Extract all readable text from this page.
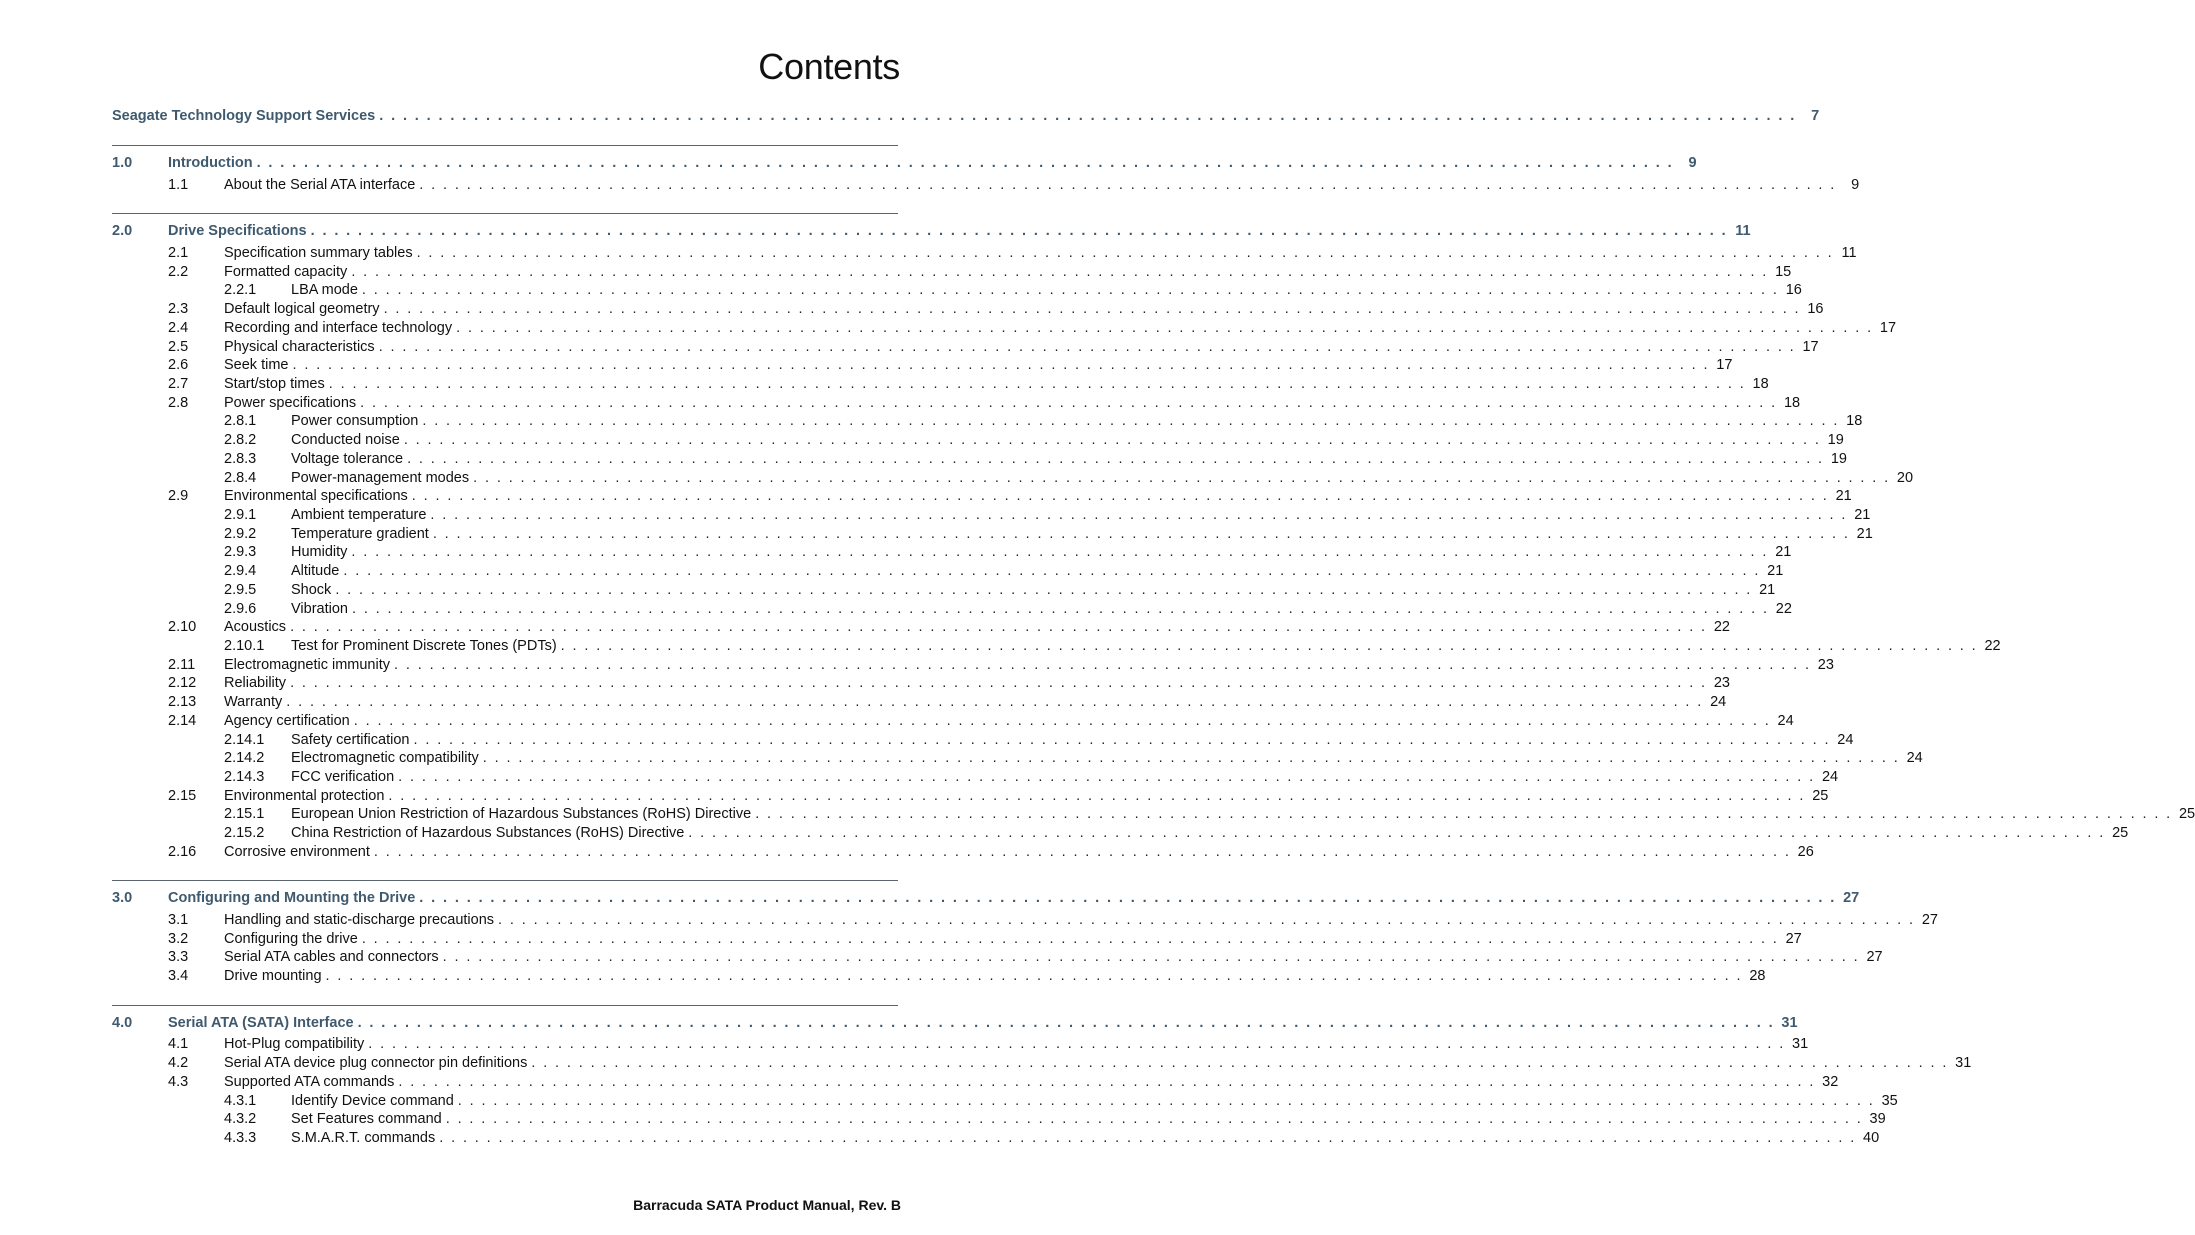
Contents
Seagate Technology Support Services . . . . . . . . . . . . . . . . . . . . . . . . . . . . . . . . . . . . . . . . . . . . . . . . . . . . . . . . . . . . . . . . . . . . . . . . . . . . . . . . . . . . . . . . . . . . . . . . . . . . . . . . . . . . . . . . . . . . . . . .	7
1.0 Introduction . . . . . . . . . . . . . . . . . . . . . . . . . . . . . . . . . . . . . . . . . . . . . . . . . . . . . . . . . . . . . . . . . . . . . . . . . . . . . . . . . . . . . . . . . . . . . . . . . . . . . . . . . . . . . . . . . . . . . . . .	9
1.1 About the Serial ATA interface . . . . . . . . . . . . . . . . . . . . . . . . . . . . . . . . . . . . . . . . . . . . . . . . . . . . . . . . . . . . . . . . . . . . . . . . . . . . . . . . . . . . . . . . . . . . . . . . . . . . . . . . . . . . . . . . . . . . . . . .	9
2.0 Drive Specifications . . . . . . . . . . . . . . . . . . . . . . . . . . . . . . . . . . . . . . . . . . . . . . . . . . . . . . . . . . . . . . . . . . . . . . . . . . . . . . . . . . . . . . . . . . . . . . . . . . . . . . . . . . . . . . . . . . . . . . . . 11
2.1 Specification summary tables . . . . . . . . . . . . . . . . . . . . . . . . . . . . . . . . . . . . . . . . . . . . . . . . . . . . . . . . . . . . . . . . . . . . . . . . . . . . . . . . . . . . . . . . . . . . . . . . . . . . . . . . . . . . . . . . . . . . . . . . 11
2.2 Formatted capacity . . . . . . . . . . . . . . . . . . . . . . . . . . . . . . . . . . . . . . . . . . . . . . . . . . . . . . . . . . . . . . . . . . . . . . . . . . . . . . . . . . . . . . . . . . . . . . . . . . . . . . . . . . . . . . . . . . . . . . . . 15
2.2.1 LBA mode . . . . . . . . . . . . . . . . . . . . . . . . . . . . . . . . . . . . . . . . . . . . . . . . . . . . . . . . . . . . . . . . . . . . . . . . . . . . . . . . . . . . . . . . . . . . . . . . . . . . . . . . . . . . . . . . . . . . . . . . 16
2.3 Default logical geometry . . . . . . . . . . . . . . . . . . . . . . . . . . . . . . . . . . . . . . . . . . . . . . . . . . . . . . . . . . . . . . . . . . . . . . . . . . . . . . . . . . . . . . . . . . . . . . . . . . . . . . . . . . . . . . . . . . . . . . . . 16
2.4 Recording and interface technology . . . . . . . . . . . . . . . . . . . . . . . . . . . . . . . . . . . . . . . . . . . . . . . . . . . . . . . . . . . . . . . . . . . . . . . . . . . . . . . . . . . . . . . . . . . . . . . . . . . . . . . . . . . . . . . . . . . . . . . . 17
2.5 Physical characteristics . . . . . . . . . . . . . . . . . . . . . . . . . . . . . . . . . . . . . . . . . . . . . . . . . . . . . . . . . . . . . . . . . . . . . . . . . . . . . . . . . . . . . . . . . . . . . . . . . . . . . . . . . . . . . . . . . . . . . . . . 17
2.6 Seek time . . . . . . . . . . . . . . . . . . . . . . . . . . . . . . . . . . . . . . . . . . . . . . . . . . . . . . . . . . . . . . . . . . . . . . . . . . . . . . . . . . . . . . . . . . . . . . . . . . . . . . . . . . . . . . . . . . . . . . . . 17
2.7 Start/stop times . . . . . . . . . . . . . . . . . . . . . . . . . . . . . . . . . . . . . . . . . . . . . . . . . . . . . . . . . . . . . . . . . . . . . . . . . . . . . . . . . . . . . . . . . . . . . . . . . . . . . . . . . . . . . . . . . . . . . . . . 18
2.8 Power specifications . . . . . . . . . . . . . . . . . . . . . . . . . . . . . . . . . . . . . . . . . . . . . . . . . . . . . . . . . . . . . . . . . . . . . . . . . . . . . . . . . . . . . . . . . . . . . . . . . . . . . . . . . . . . . . . . . . . . . . . . 18
2.8.1 Power consumption . . . . . . . . . . . . . . . . . . . . . . . . . . . . . . . . . . . . . . . . . . . . . . . . . . . . . . . . . . . . . . . . . . . . . . . . . . . . . . . . . . . . . . . . . . . . . . . . . . . . . . . . . . . . . . . . . . . . . . . . 18
2.8.2 Conducted noise . . . . . . . . . . . . . . . . . . . . . . . . . . . . . . . . . . . . . . . . . . . . . . . . . . . . . . . . . . . . . . . . . . . . . . . . . . . . . . . . . . . . . . . . . . . . . . . . . . . . . . . . . . . . . . . . . . . . . . . . 19
2.8.3 Voltage tolerance . . . . . . . . . . . . . . . . . . . . . . . . . . . . . . . . . . . . . . . . . . . . . . . . . . . . . . . . . . . . . . . . . . . . . . . . . . . . . . . . . . . . . . . . . . . . . . . . . . . . . . . . . . . . . . . . . . . . . . . . 19
2.8.4 Power-management modes . . . . . . . . . . . . . . . . . . . . . . . . . . . . . . . . . . . . . . . . . . . . . . . . . . . . . . . . . . . . . . . . . . . . . . . . . . . . . . . . . . . . . . . . . . . . . . . . . . . . . . . . . . . . . . . . . . . . . . . . 20
2.9 Environmental specifications . . . . . . . . . . . . . . . . . . . . . . . . . . . . . . . . . . . . . . . . . . . . . . . . . . . . . . . . . . . . . . . . . . . . . . . . . . . . . . . . . . . . . . . . . . . . . . . . . . . . . . . . . . . . . . . . . . . . . . . . 21
2.9.1 Ambient temperature . . . . . . . . . . . . . . . . . . . . . . . . . . . . . . . . . . . . . . . . . . . . . . . . . . . . . . . . . . . . . . . . . . . . . . . . . . . . . . . . . . . . . . . . . . . . . . . . . . . . . . . . . . . . . . . . . . . . . . . . 21
2.9.2 Temperature gradient . . . . . . . . . . . . . . . . . . . . . . . . . . . . . . . . . . . . . . . . . . . . . . . . . . . . . . . . . . . . . . . . . . . . . . . . . . . . . . . . . . . . . . . . . . . . . . . . . . . . . . . . . . . . . . . . . . . . . . . . 21
2.9.3 Humidity . . . . . . . . . . . . . . . . . . . . . . . . . . . . . . . . . . . . . . . . . . . . . . . . . . . . . . . . . . . . . . . . . . . . . . . . . . . . . . . . . . . . . . . . . . . . . . . . . . . . . . . . . . . . . . . . . . . . . . . . 21
2.9.4 Altitude . . . . . . . . . . . . . . . . . . . . . . . . . . . . . . . . . . . . . . . . . . . . . . . . . . . . . . . . . . . . . . . . . . . . . . . . . . . . . . . . . . . . . . . . . . . . . . . . . . . . . . . . . . . . . . . . . . . . . . . . 21
2.9.5 Shock . . . . . . . . . . . . . . . . . . . . . . . . . . . . . . . . . . . . . . . . . . . . . . . . . . . . . . . . . . . . . . . . . . . . . . . . . . . . . . . . . . . . . . . . . . . . . . . . . . . . . . . . . . . . . . . . . . . . . . . . 21
2.9.6 Vibration . . . . . . . . . . . . . . . . . . . . . . . . . . . . . . . . . . . . . . . . . . . . . . . . . . . . . . . . . . . . . . . . . . . . . . . . . . . . . . . . . . . . . . . . . . . . . . . . . . . . . . . . . . . . . . . . . . . . . . . . 22
2.10 Acoustics . . . . . . . . . . . . . . . . . . . . . . . . . . . . . . . . . . . . . . . . . . . . . . . . . . . . . . . . . . . . . . . . . . . . . . . . . . . . . . . . . . . . . . . . . . . . . . . . . . . . . . . . . . . . . . . . . . . . . . . . 22
2.10.1 Test for Prominent Discrete Tones (PDTs) . . . . . . . . . . . . . . . . . . . . . . . . . . . . . . . . . . . . . . . . . . . . . . . . . . . . . . . . . . . . . . . . . . . . . . . . . . . . . . . . . . . . . . . . . . . . . . . . . . . . . . . . . . . . . . . . . . . . . . . . 22
2.11 Electromagnetic immunity . . . . . . . . . . . . . . . . . . . . . . . . . . . . . . . . . . . . . . . . . . . . . . . . . . . . . . . . . . . . . . . . . . . . . . . . . . . . . . . . . . . . . . . . . . . . . . . . . . . . . . . . . . . . . . . . . . . . . . . . 23
2.12 Reliability . . . . . . . . . . . . . . . . . . . . . . . . . . . . . . . . . . . . . . . . . . . . . . . . . . . . . . . . . . . . . . . . . . . . . . . . . . . . . . . . . . . . . . . . . . . . . . . . . . . . . . . . . . . . . . . . . . . . . . . . 23
2.13 Warranty . . . . . . . . . . . . . . . . . . . . . . . . . . . . . . . . . . . . . . . . . . . . . . . . . . . . . . . . . . . . . . . . . . . . . . . . . . . . . . . . . . . . . . . . . . . . . . . . . . . . . . . . . . . . . . . . . . . . . . . . 24
2.14 Agency certification . . . . . . . . . . . . . . . . . . . . . . . . . . . . . . . . . . . . . . . . . . . . . . . . . . . . . . . . . . . . . . . . . . . . . . . . . . . . . . . . . . . . . . . . . . . . . . . . . . . . . . . . . . . . . . . . . . . . . . . . 24
2.14.1 Safety certification . . . . . . . . . . . . . . . . . . . . . . . . . . . . . . . . . . . . . . . . . . . . . . . . . . . . . . . . . . . . . . . . . . . . . . . . . . . . . . . . . . . . . . . . . . . . . . . . . . . . . . . . . . . . . . . . . . . . . . . . 24
2.14.2 Electromagnetic compatibility . . . . . . . . . . . . . . . . . . . . . . . . . . . . . . . . . . . . . . . . . . . . . . . . . . . . . . . . . . . . . . . . . . . . . . . . . . . . . . . . . . . . . . . . . . . . . . . . . . . . . . . . . . . . . . . . . . . . . . . . 24
2.14.3 FCC verification . . . . . . . . . . . . . . . . . . . . . . . . . . . . . . . . . . . . . . . . . . . . . . . . . . . . . . . . . . . . . . . . . . . . . . . . . . . . . . . . . . . . . . . . . . . . . . . . . . . . . . . . . . . . . . . . . . . . . . . . 24
2.15 Environmental protection . . . . . . . . . . . . . . . . . . . . . . . . . . . . . . . . . . . . . . . . . . . . . . . . . . . . . . . . . . . . . . . . . . . . . . . . . . . . . . . . . . . . . . . . . . . . . . . . . . . . . . . . . . . . . . . . . . . . . . . . 25
2.15.1 European Union Restriction of Hazardous Substances (RoHS) Directive . . . . . . . . . . . . . . . . . . . . . . . . . . . . . . . . . . . . . . . . . . . . . . . . . . . . . . . . . . . . . . . . . . . . . . . . . . . . . . . . . . . . . . . . . . . . . . . . . . . . . . . . . . . . . . . . . . . . . . . . 25
2.15.2 China Restriction of Hazardous Substances (RoHS) Directive . . . . . . . . . . . . . . . . . . . . . . . . . . . . . . . . . . . . . . . . . . . . . . . . . . . . . . . . . . . . . . . . . . . . . . . . . . . . . . . . . . . . . . . . . . . . . . . . . . . . . . . . . . . . . . . . . . . . . . . . 25
2.16 Corrosive environment . . . . . . . . . . . . . . . . . . . . . . . . . . . . . . . . . . . . . . . . . . . . . . . . . . . . . . . . . . . . . . . . . . . . . . . . . . . . . . . . . . . . . . . . . . . . . . . . . . . . . . . . . . . . . . . . . . . . . . . . 26
3.0 Configuring and Mounting the Drive . . . . . . . . . . . . . . . . . . . . . . . . . . . . . . . . . . . . . . . . . . . . . . . . . . . . . . . . . . . . . . . . . . . . . . . . . . . . . . . . . . . . . . . . . . . . . . . . . . . . . . . . . . . . . . . . . . . . . . . . 27
3.1 Handling and static-discharge precautions . . . . . . . . . . . . . . . . . . . . . . . . . . . . . . . . . . . . . . . . . . . . . . . . . . . . . . . . . . . . . . . . . . . . . . . . . . . . . . . . . . . . . . . . . . . . . . . . . . . . . . . . . . . . . . . . . . . . . . . . 27
3.2 Configuring the drive . . . . . . . . . . . . . . . . . . . . . . . . . . . . . . . . . . . . . . . . . . . . . . . . . . . . . . . . . . . . . . . . . . . . . . . . . . . . . . . . . . . . . . . . . . . . . . . . . . . . . . . . . . . . . . . . . . . . . . . . 27
3.3 Serial ATA cables and connectors . . . . . . . . . . . . . . . . . . . . . . . . . . . . . . . . . . . . . . . . . . . . . . . . . . . . . . . . . . . . . . . . . . . . . . . . . . . . . . . . . . . . . . . . . . . . . . . . . . . . . . . . . . . . . . . . . . . . . . . . 27
3.4 Drive mounting . . . . . . . . . . . . . . . . . . . . . . . . . . . . . . . . . . . . . . . . . . . . . . . . . . . . . . . . . . . . . . . . . . . . . . . . . . . . . . . . . . . . . . . . . . . . . . . . . . . . . . . . . . . . . . . . . . . . . . . . 28
4.0 Serial ATA (SATA) Interface . . . . . . . . . . . . . . . . . . . . . . . . . . . . . . . . . . . . . . . . . . . . . . . . . . . . . . . . . . . . . . . . . . . . . . . . . . . . . . . . . . . . . . . . . . . . . . . . . . . . . . . . . . . . . . . . . . . . . . . . 31
4.1 Hot-Plug compatibility . . . . . . . . . . . . . . . . . . . . . . . . . . . . . . . . . . . . . . . . . . . . . . . . . . . . . . . . . . . . . . . . . . . . . . . . . . . . . . . . . . . . . . . . . . . . . . . . . . . . . . . . . . . . . . . . . . . . . . . . 31
4.2 Serial ATA device plug connector pin definitions . . . . . . . . . . . . . . . . . . . . . . . . . . . . . . . . . . . . . . . . . . . . . . . . . . . . . . . . . . . . . . . . . . . . . . . . . . . . . . . . . . . . . . . . . . . . . . . . . . . . . . . . . . . . . . . . . . . . . . . . 31
4.3 Supported ATA commands . . . . . . . . . . . . . . . . . . . . . . . . . . . . . . . . . . . . . . . . . . . . . . . . . . . . . . . . . . . . . . . . . . . . . . . . . . . . . . . . . . . . . . . . . . . . . . . . . . . . . . . . . . . . . . . . . . . . . . . . 32
4.3.1 Identify Device command . . . . . . . . . . . . . . . . . . . . . . . . . . . . . . . . . . . . . . . . . . . . . . . . . . . . . . . . . . . . . . . . . . . . . . . . . . . . . . . . . . . . . . . . . . . . . . . . . . . . . . . . . . . . . . . . . . . . . . . . 35
4.3.2 Set Features command . . . . . . . . . . . . . . . . . . . . . . . . . . . . . . . . . . . . . . . . . . . . . . . . . . . . . . . . . . . . . . . . . . . . . . . . . . . . . . . . . . . . . . . . . . . . . . . . . . . . . . . . . . . . . . . . . . . . . . . . 39
4.3.3 S.M.A.R.T. commands . . . . . . . . . . . . . . . . . . . . . . . . . . . . . . . . . . . . . . . . . . . . . . . . . . . . . . . . . . . . . . . . . . . . . . . . . . . . . . . . . . . . . . . . . . . . . . . . . . . . . . . . . . . . . . . . . . . . . . . . 40
Barracuda SATA Product Manual, Rev. B
